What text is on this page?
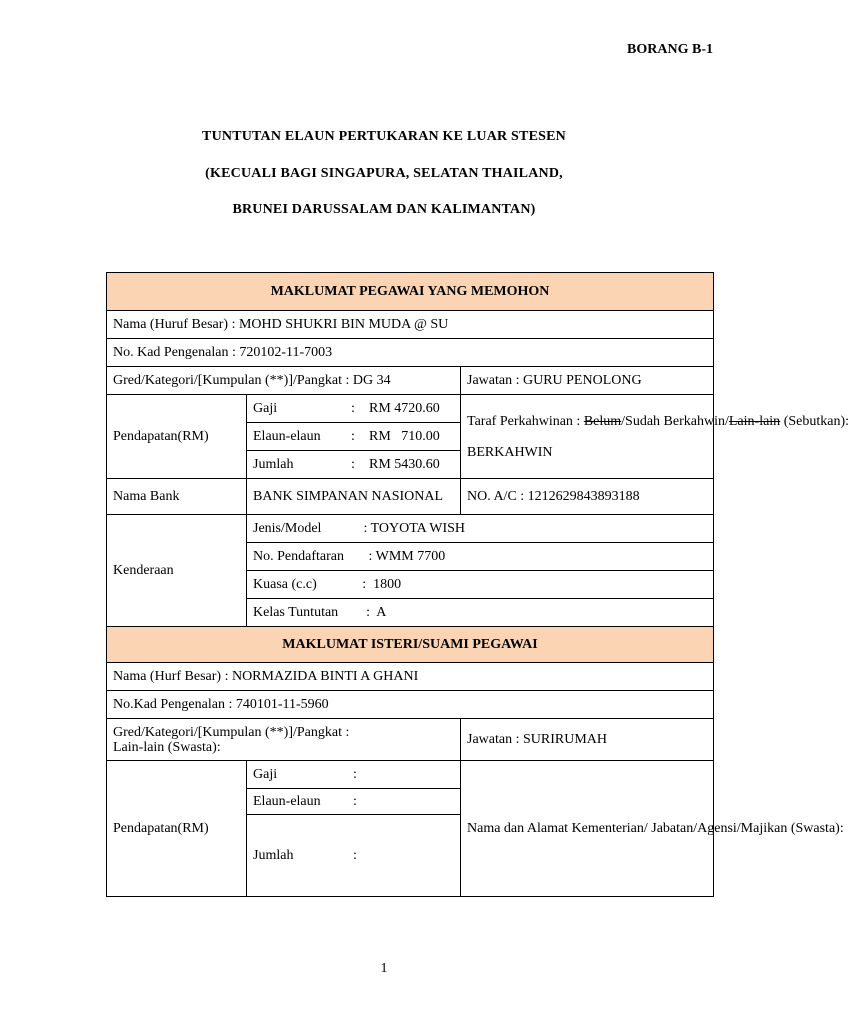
BORANG B-1
TUNTUTAN ELAUN PERTUKARAN KE LUAR STESEN
(KECUALI BAGI SINGAPURA, SELATAN THAILAND,
BRUNEI DARUSSALAM DAN KALIMANTAN)
MAKLUMAT PEGAWAI YANG MEMOHON		
Nama (Huruf Besar) : MOHD SHUKRI BIN MUDA @ SU		
No. Kad Pengenalan : 720102-11-7003		
Gred/Kategori/[Kumpulan (**)]/Pangkat : DG 34		Jawatan : GURU PENOLONG
Pendapatan(RM)	Gaji : RM 4720.60	Taraf Perkahwinan : Belum/Sudah Berkahwin/Lain-lain (Sebutkan):
BERKAHWIN

	Elaun-elaun : RM   710.00	
	Jumlah : RM 5430.60	
Nama Bank	BANK SIMPANAN NASIONAL	NO. A/C : 1212629843893188
Kenderaan	Jenis/Model            : TOYOTA WISH	
	No. Pendaftaran       : WMM 7700	
	Kuasa (c.c)             :  1800	
	Kelas Tuntutan        :  A	
MAKLUMAT ISTERI/SUAMI PEGAWAI		
Nama (Hurf Besar) : NORMAZIDA BINTI A GHANI		
No.Kad Pengenalan : 740101-11-5960		

Gred/Kategori/[Kumpulan (**)]/Pangkat :
Lain-lain (Swasta):		Jawatan : SURIRUMAH
Pendapatan(RM)	Gaji :	Nama dan Alamat Kementerian/ Jabatan/Agensi/Majikan (Swasta):
	Elaun-elaun :	
	Jumlah :	
1
